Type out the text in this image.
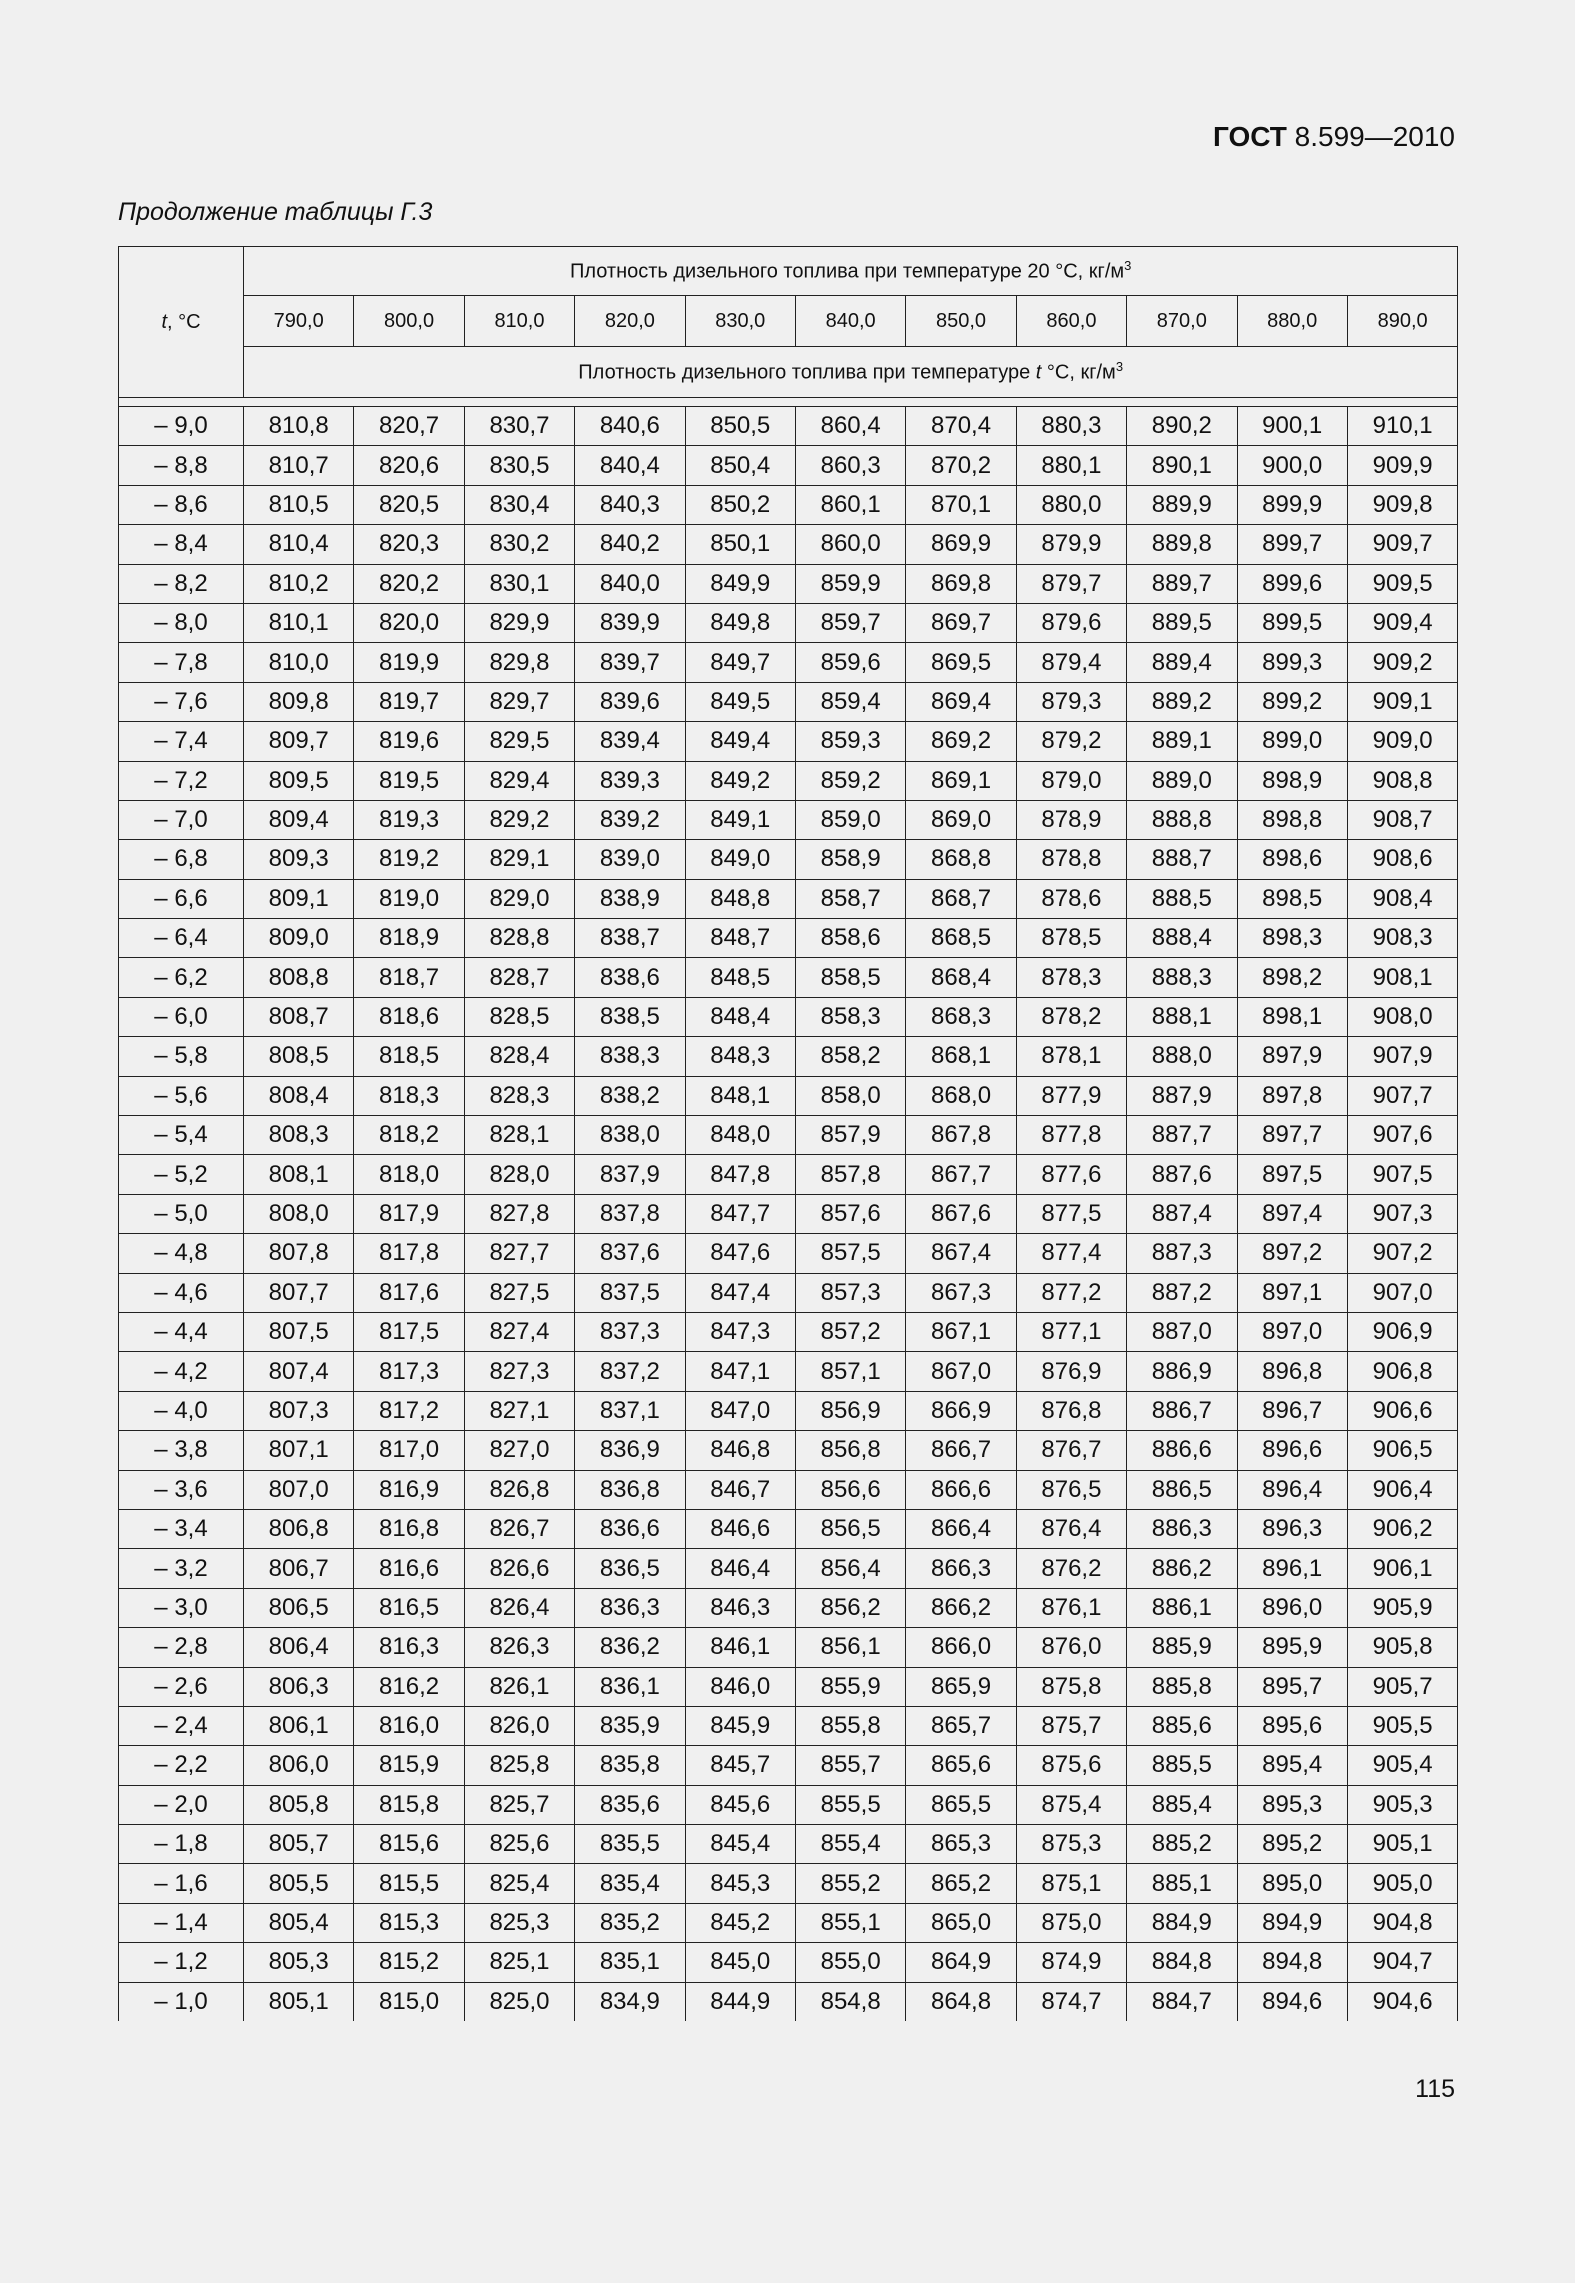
ГОСТ 8.599—2010
Продолжение таблицы Г.3
t, °С	Плотность дизельного топлива при температуре 20 °С, $кг/м^3$
	790,0	800,0	810,0	820,0	830,0	840,0	850,0	860,0	870,0	880,0	890,0
	Плотность дизельного топлива при температуре t °С, $кг/м^3$

– 9,0	810,8	820,7	830,7	840,6	850,5	860,4	870,4	880,3	890,2	900,1	910,1
– 8,8	810,7	820,6	830,5	840,4	850,4	860,3	870,2	880,1	890,1	900,0	909,9
– 8,6	810,5	820,5	830,4	840,3	850,2	860,1	870,1	880,0	889,9	899,9	909,8
– 8,4	810,4	820,3	830,2	840,2	850,1	860,0	869,9	879,9	889,8	899,7	909,7
– 8,2	810,2	820,2	830,1	840,0	849,9	859,9	869,8	879,7	889,7	899,6	909,5
– 8,0	810,1	820,0	829,9	839,9	849,8	859,7	869,7	879,6	889,5	899,5	909,4
– 7,8	810,0	819,9	829,8	839,7	849,7	859,6	869,5	879,4	889,4	899,3	909,2
– 7,6	809,8	819,7	829,7	839,6	849,5	859,4	869,4	879,3	889,2	899,2	909,1
– 7,4	809,7	819,6	829,5	839,4	849,4	859,3	869,2	879,2	889,1	899,0	909,0
– 7,2	809,5	819,5	829,4	839,3	849,2	859,2	869,1	879,0	889,0	898,9	908,8
– 7,0	809,4	819,3	829,2	839,2	849,1	859,0	869,0	878,9	888,8	898,8	908,7
– 6,8	809,3	819,2	829,1	839,0	849,0	858,9	868,8	878,8	888,7	898,6	908,6
– 6,6	809,1	819,0	829,0	838,9	848,8	858,7	868,7	878,6	888,5	898,5	908,4
– 6,4	809,0	818,9	828,8	838,7	848,7	858,6	868,5	878,5	888,4	898,3	908,3
– 6,2	808,8	818,7	828,7	838,6	848,5	858,5	868,4	878,3	888,3	898,2	908,1
– 6,0	808,7	818,6	828,5	838,5	848,4	858,3	868,3	878,2	888,1	898,1	908,0
– 5,8	808,5	818,5	828,4	838,3	848,3	858,2	868,1	878,1	888,0	897,9	907,9
– 5,6	808,4	818,3	828,3	838,2	848,1	858,0	868,0	877,9	887,9	897,8	907,7
– 5,4	808,3	818,2	828,1	838,0	848,0	857,9	867,8	877,8	887,7	897,7	907,6
– 5,2	808,1	818,0	828,0	837,9	847,8	857,8	867,7	877,6	887,6	897,5	907,5
– 5,0	808,0	817,9	827,8	837,8	847,7	857,6	867,6	877,5	887,4	897,4	907,3
– 4,8	807,8	817,8	827,7	837,6	847,6	857,5	867,4	877,4	887,3	897,2	907,2
– 4,6	807,7	817,6	827,5	837,5	847,4	857,3	867,3	877,2	887,2	897,1	907,0
– 4,4	807,5	817,5	827,4	837,3	847,3	857,2	867,1	877,1	887,0	897,0	906,9
– 4,2	807,4	817,3	827,3	837,2	847,1	857,1	867,0	876,9	886,9	896,8	906,8
– 4,0	807,3	817,2	827,1	837,1	847,0	856,9	866,9	876,8	886,7	896,7	906,6
– 3,8	807,1	817,0	827,0	836,9	846,8	856,8	866,7	876,7	886,6	896,6	906,5
– 3,6	807,0	816,9	826,8	836,8	846,7	856,6	866,6	876,5	886,5	896,4	906,4
– 3,4	806,8	816,8	826,7	836,6	846,6	856,5	866,4	876,4	886,3	896,3	906,2
– 3,2	806,7	816,6	826,6	836,5	846,4	856,4	866,3	876,2	886,2	896,1	906,1
– 3,0	806,5	816,5	826,4	836,3	846,3	856,2	866,2	876,1	886,1	896,0	905,9
– 2,8	806,4	816,3	826,3	836,2	846,1	856,1	866,0	876,0	885,9	895,9	905,8
– 2,6	806,3	816,2	826,1	836,1	846,0	855,9	865,9	875,8	885,8	895,7	905,7
– 2,4	806,1	816,0	826,0	835,9	845,9	855,8	865,7	875,7	885,6	895,6	905,5
– 2,2	806,0	815,9	825,8	835,8	845,7	855,7	865,6	875,6	885,5	895,4	905,4
– 2,0	805,8	815,8	825,7	835,6	845,6	855,5	865,5	875,4	885,4	895,3	905,3
– 1,8	805,7	815,6	825,6	835,5	845,4	855,4	865,3	875,3	885,2	895,2	905,1
– 1,6	805,5	815,5	825,4	835,4	845,3	855,2	865,2	875,1	885,1	895,0	905,0
– 1,4	805,4	815,3	825,3	835,2	845,2	855,1	865,0	875,0	884,9	894,9	904,8
– 1,2	805,3	815,2	825,1	835,1	845,0	855,0	864,9	874,9	884,8	894,8	904,7
– 1,0	805,1	815,0	825,0	834,9	844,9	854,8	864,8	874,7	884,7	894,6	904,6
115
